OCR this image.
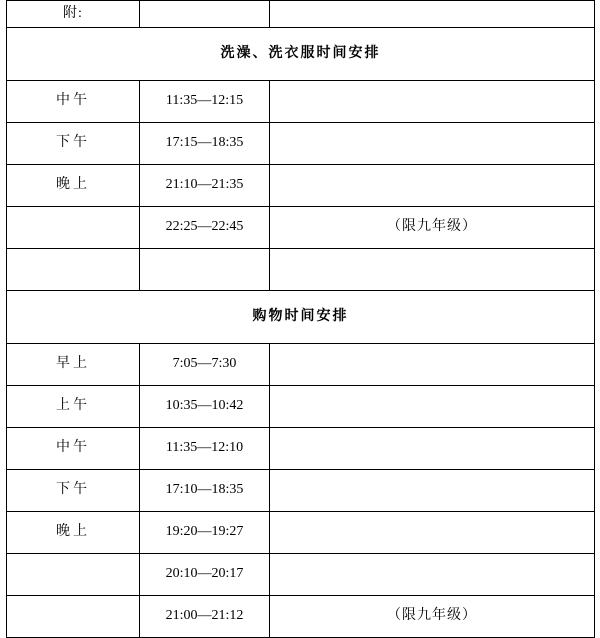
附:		
洗澡、洗衣服时间安排		
中午	11:35—12:15	
下午	17:15—18:35	
晚上	21:10—21:35	
	22:25—22:45	（限九年级）

购物时间安排		
早上	7:05—7:30	
上午	10:35—10:42	
中午	11:35—12:10	
下午	17:10—18:35	
晚上	19:20—19:27	
	20:10—20:17	
	21:00—21:12	（限九年级）
